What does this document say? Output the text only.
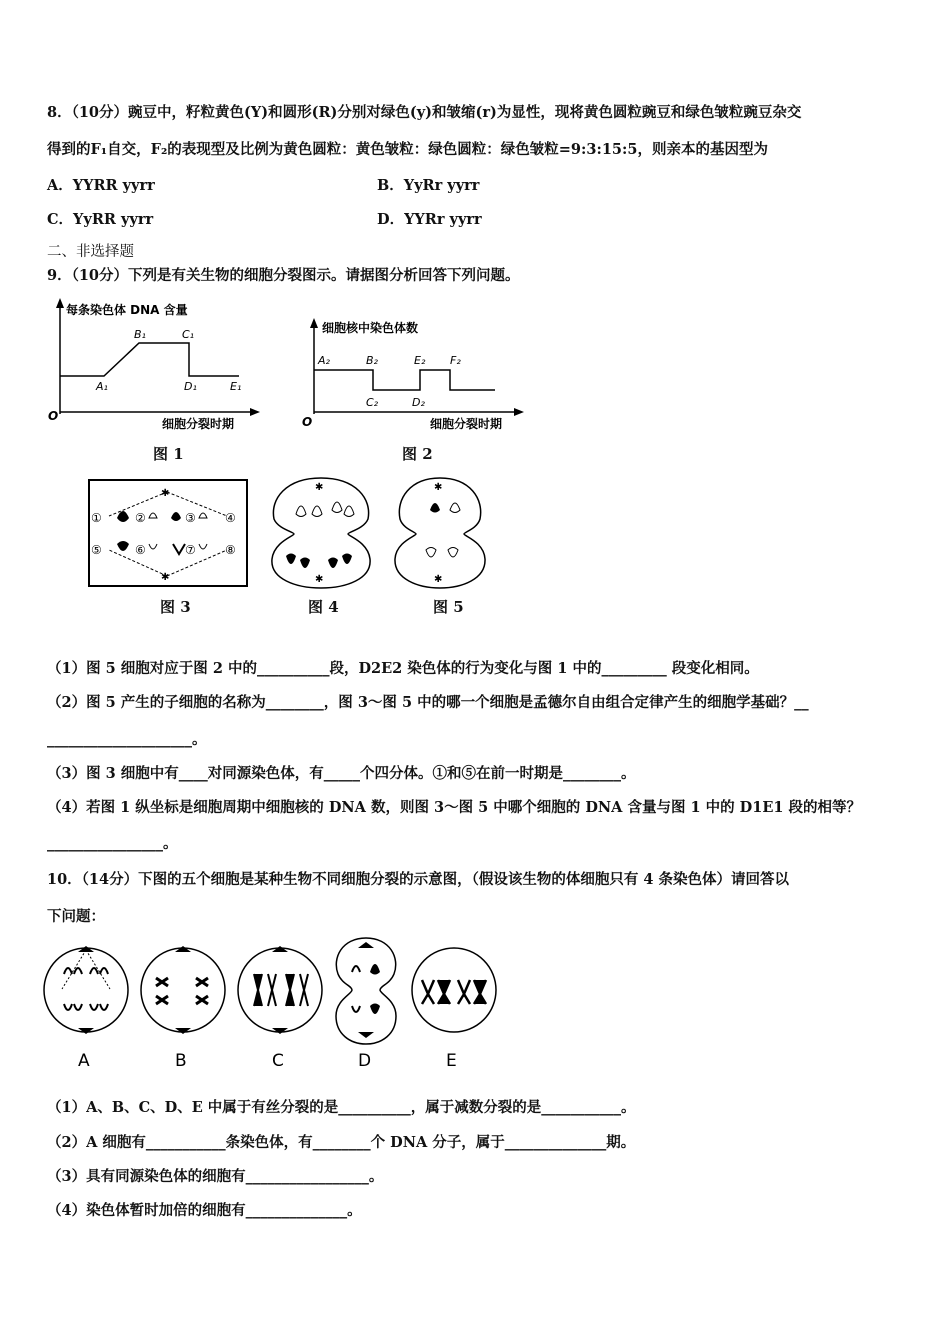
8．（10分）豌豆中，籽粒黄色(Y)和圆形(R)分别对绿色(y)和皱缩(r)为显性，现将黄色圆粒豌豆和绿色皱粒豌豆杂交
得到的F₁自交，F₂的表现型及比例为黄色圆粒：黄色皱粒：绿色圆粒：绿色皱粒=9:3:15:5，则亲本的基因型为
A．YYRR yyrr	B．YyRr yyrr
C．YyRR yyrr	D．YYRr yyrr
二、非选择题
9．（10分）下列是有关生物的细胞分裂图示。请据图分析回答下列问题。
每条染色体 DNA 含量
O
A₁
B₁	C₁
D₁	E₁
细胞分裂时期
图 1
细胞核中染色体数
O
A₂	B₂
C₂	D₂
E₂ F₂
细胞分裂时期
图 2
✱
✱
①	②	③ ④
⑤	⑥	⑦ ⑧
图 3
✱
✱
图 4
✱
✱
图 5
（1）图 5 细胞对应于图 2 中的__________段，D2E2 染色体的行为变化与图 1 中的_________ 段变化相同。
（2）图 5 产生的子细胞的名称为________，图 3～图 5 中的哪一个细胞是孟德尔自由组合定律产生的细胞学基础？__
____________________。
（3）图 3 细胞中有____对同源染色体，有_____个四分体。①和⑤在前一时期是________。
（4）若图 1 纵坐标是细胞周期中细胞核的 DNA 数，则图 3～图 5 中哪个细胞的 DNA 含量与图 1 中的 D1E1 段的相等？
________________。
10．（14分）下图的五个细胞是某种生物不同细胞分裂的示意图，（假设该生物的体细胞只有 4 条染色体）请回答以
下问题：
A	B	C	D	E
（1）A、B、C、D、E 中属于有丝分裂的是__________，属于减数分裂的是___________。
（2）A 细胞有___________条染色体，有________个 DNA 分子，属于______________期。
（3）具有同源染色体的细胞有_________________。
（4）染色体暂时加倍的细胞有______________。
